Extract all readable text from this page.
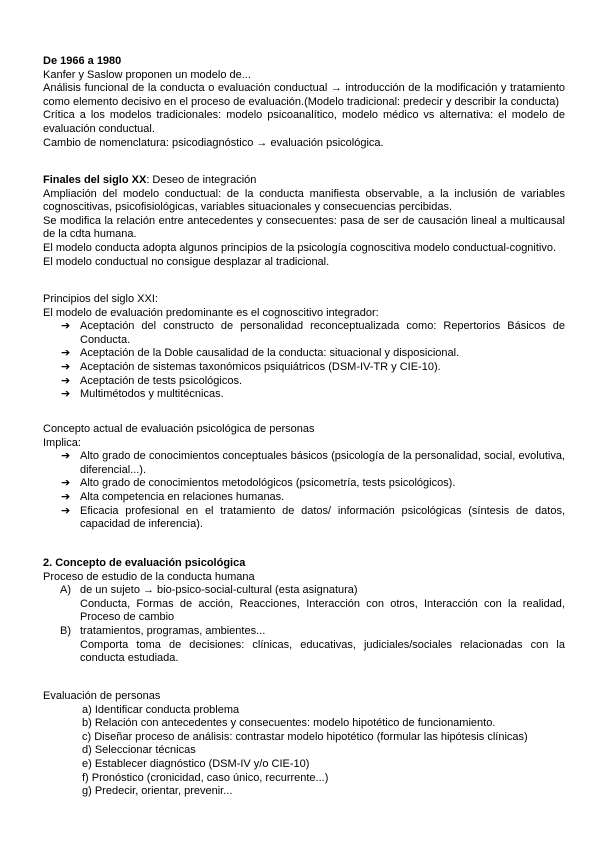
De 1966 a 1980

Kanfer y Saslow proponen un modelo de...

Análisis funcional de la conducta o evaluación conductual → introducción de la modificación y tratamiento como elemento decisivo en el proceso de evaluación.(Modelo tradicional: predecir y describir la conducta)

Crítica a los modelos tradicionales: modelo psicoanalítico, modelo médico vs alternativa: el modelo de evaluación conductual.

Cambio de nomenclatura: psicodiagnóstico → evaluación psicológica.

Finales del siglo XX: Deseo de integración

Ampliación del modelo conductual: de la conducta manifiesta observable, a la inclusión de variables cognoscitivas, psicofisiológicas, variables situacionales y consecuencias percibidas.

Se modifica la relación entre antecedentes y consecuentes: pasa de ser de causación lineal a multicausal de la cdta humana.

El modelo conducta adopta algunos principios de la psicología cognoscitiva modelo conductual-cognitivo.

El modelo conductual no consigue desplazar al tradicional.

Principios del siglo XXI:

El modelo de evaluación predominante es el cognoscitivo integrador:

➔ Aceptación del constructo de personalidad reconceptualizada como: Repertorios Básicos de Conducta.
➔ Aceptación de la Doble causalidad de la conducta: situacional y disposicional.
➔ Aceptación de sistemas taxonómicos psiquiátricos (DSM-IV-TR y CIE-10).
➔ Aceptación de tests psicológicos.
➔ Multimétodos y multitécnicas.

Concepto actual de evaluación psicológica de personas

Implica:

➔ Alto grado de conocimientos conceptuales básicos (psicología de la personalidad, social, evolutiva, diferencial...).
➔ Alto grado de conocimientos metodológicos (psicometría, tests psicológicos).
➔ Alta competencia en relaciones humanas.
➔ Eficacia profesional en el tratamiento de datos/ información psicológicas (síntesis de datos, capacidad de inferencia).

2. Concepto de evaluación psicológica

Proceso de estudio de la conducta humana

A) de un sujeto → bio-psico-social-cultural (esta asignatura)
Conducta, Formas de acción, Reacciones, Interacción con otros, Interacción con la realidad, Proceso de cambio
B) tratamientos, programas, ambientes...
Comporta toma de decisiones: clínicas, educativas, judiciales/sociales relacionadas con la conducta estudiada.

Evaluación de personas

a) Identificar conducta problema
b) Relación con antecedentes y consecuentes: modelo hipotético de funcionamiento.
c) Diseñar proceso de análisis: contrastar modelo hipotético (formular las hipótesis clínicas)
d) Seleccionar técnicas
e) Establecer diagnóstico (DSM-IV y/o CIE-10)
f) Pronóstico (cronicidad, caso único, recurrente...)
g) Predecir, orientar, prevenir...
